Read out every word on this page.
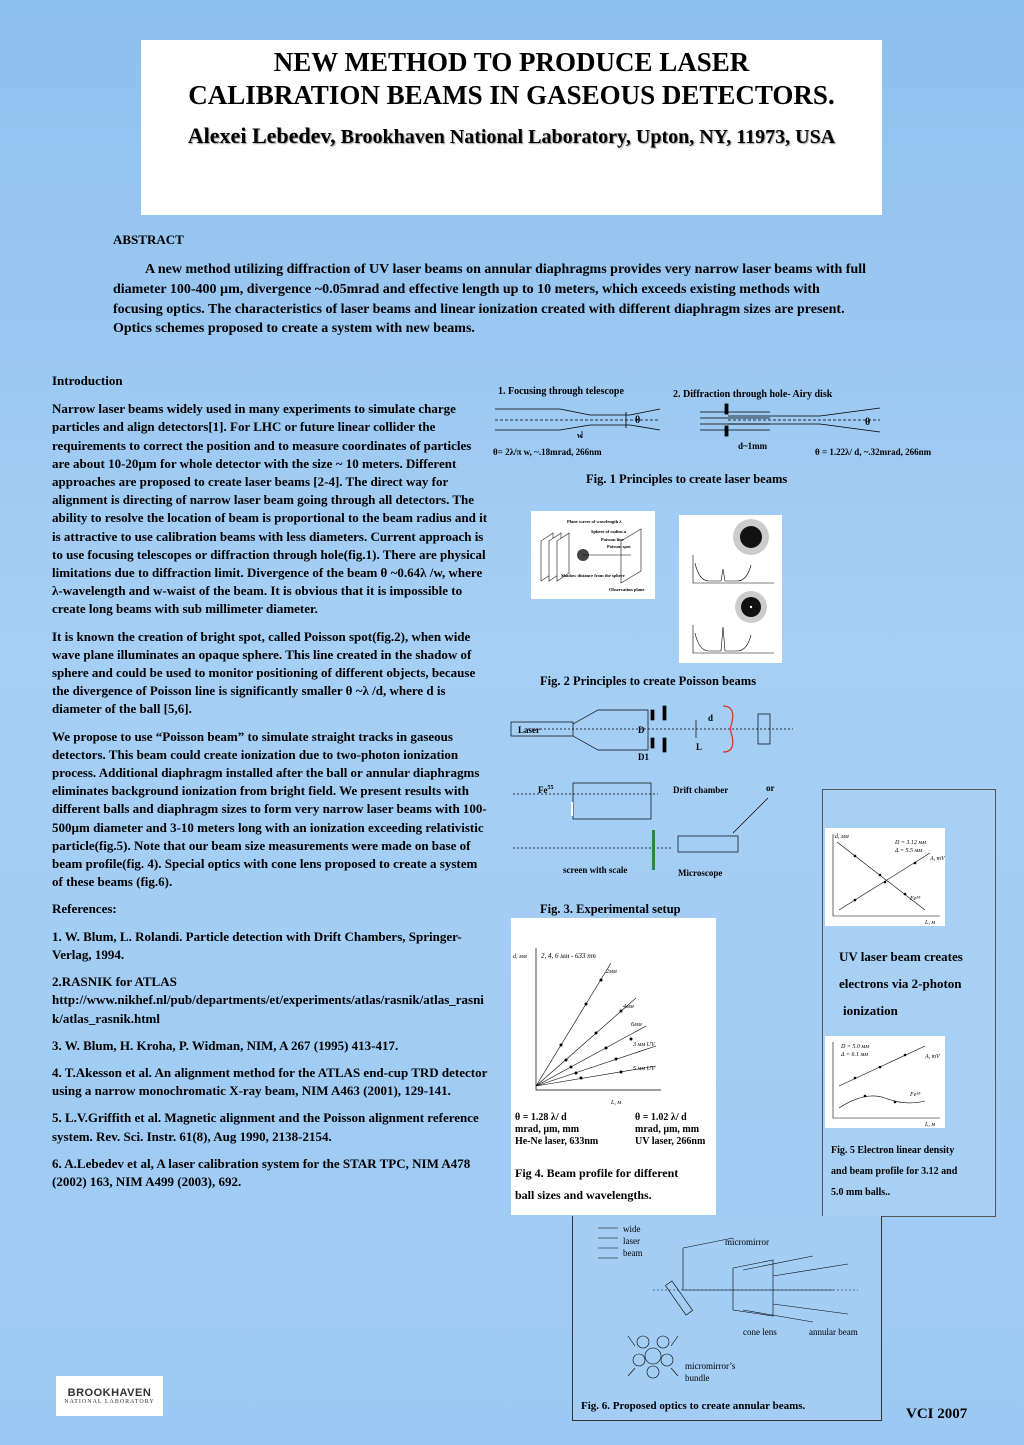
NEW METHOD TO PRODUCE LASER
CALIBRATION BEAMS IN GASEOUS DETECTORS.
Alexei Lebedev, Brookhaven National Laboratory, Upton, NY, 11973, USA
ABSTRACT

A new method utilizing diffraction of UV laser beams on annular diaphragms provides very narrow laser beams with full diameter 100-400 µm, divergence ~0.05mrad and effective length up to 10 meters, which exceeds existing methods with focusing optics. The characteristics of laser beams and linear ionization created with different diaphragm sizes are present. Optics schemes proposed to create a system with new beams.

Introduction

Narrow laser beams widely used in many experiments to simulate charge particles and align detectors[1]. For LHC or future linear collider the requirements to correct the position and to measure coordinates of particles are about 10-20µm for whole detector with the size ~ 10 meters. Different approaches are proposed to create laser beams [2-4]. The direct way for alignment is directing of narrow laser beam going through all detectors. The ability to resolve the location of beam is proportional to the beam radius and it is attractive to use calibration beams with less diameters. Current approach is to use focusing telescopes or diffraction through hole(fig.1). There are physical limitations due to diffraction limit. Divergence of the beam θ ~0.64λ /w, where λ-wavelength and w-waist of the beam. It is obvious that it is impossible to create long beams with sub millimeter diameter.

It is known the creation of bright spot, called Poisson spot(fig.2), when wide wave plane illuminates an opaque sphere. This line created in the shadow of sphere and could be used to monitor positioning of different objects, because the divergence of Poisson line is significantly smaller θ ~λ /d, where d is diameter of the ball [5,6].

We propose to use “Poisson beam” to simulate straight tracks in gaseous detectors. This beam could create ionization due to two-photon ionization process. Additional diaphragm installed after the ball or annular diaphragms eliminates background ionization from bright field. We present results with different balls and diaphragm sizes to form very narrow laser beams with 100-500µm diameter and 3-10 meters long with an ionization exceeding relativistic particle(fig.5). Note that our beam size measurements were made on base of beam profile(fig. 4). Special optics with cone lens proposed to create a system of these beams (fig.6).

References:

1. W. Blum, L. Rolandi. Particle detection with Drift Chambers, Springer-Verlag, 1994.

2.RASNIK for ATLAS
http://www.nikhef.nl/pub/departments/et/experiments/atlas/rasnik/atlas_rasnik/atlas_rasnik.html

3. W. Blum, H. Kroha, P. Widman, NIM, A 267 (1995) 413-417.

4. T.Akesson et al. An alignment method for the ATLAS end-cup TRD detector using a narrow monochromatic X-ray beam, NIM A463 (2001), 129-141.

5. L.V.Griffith et al. Magnetic alignment and the Poisson alignment reference system. Rev. Sci. Instr. 61(8), Aug 1990, 2138-2154.

6. A.Lebedev et al, A laser calibration system for the STAR TPC, NIM A478 (2002) 163, NIM A499 (2003), 692.

1. Focusing through telescope	2. Diffraction through hole- Airy disk
θ
w
θ= 2λ/π w, ~.18mrad, 266nm
θ
d~1mm
θ = 1.22λ/ d, ~.32mrad, 266nm
Fig. 1 Principles to create laser beams
Plane waves of wavelength λ
Sphere of radius a
Poisson line
Poisson spot
Shadow distance from the sphere
Observation plane
Fig. 2 Principles to create Poisson beams
Laser	D
D1
d
L
Fe$^{55}$	Drift chamber	or
screen with scale	Microscope
Fig. 3. Experimental setup
2, 4, 6 мм - 633 nm
2мм
4мм
6мм
3 мм UV
5 мм UV
d, мм
L, м
θ = 1.28 λ/ d
mrad, µm, mm
He-Ne laser, 633nm
θ = 1.02 λ/ d
mrad, µm, mm
UV laser, 266nm
Fig 4. Beam profile for different
ball sizes and wavelengths.
D = 3.12 мм
Δ = 5.5 мм
d, мм
A, mV
Fe⁵⁵
L, м
UV laser beam creates
electrons via 2-photon
ionization
D = 5.0 мм
Δ = 6.1 мм	A, mV
Fe⁵⁵
L, м
Fig. 5 Electron linear density
and beam profile for 3.12 and
5.0 mm balls..
wide
laser
beam
micromirror
cone lens	annular beam
micromirror’s
bundle
Fig. 6. Proposed optics to create annular beams.
BROOKHAVEN
NATIONAL LABORATORY
VCI 2007
